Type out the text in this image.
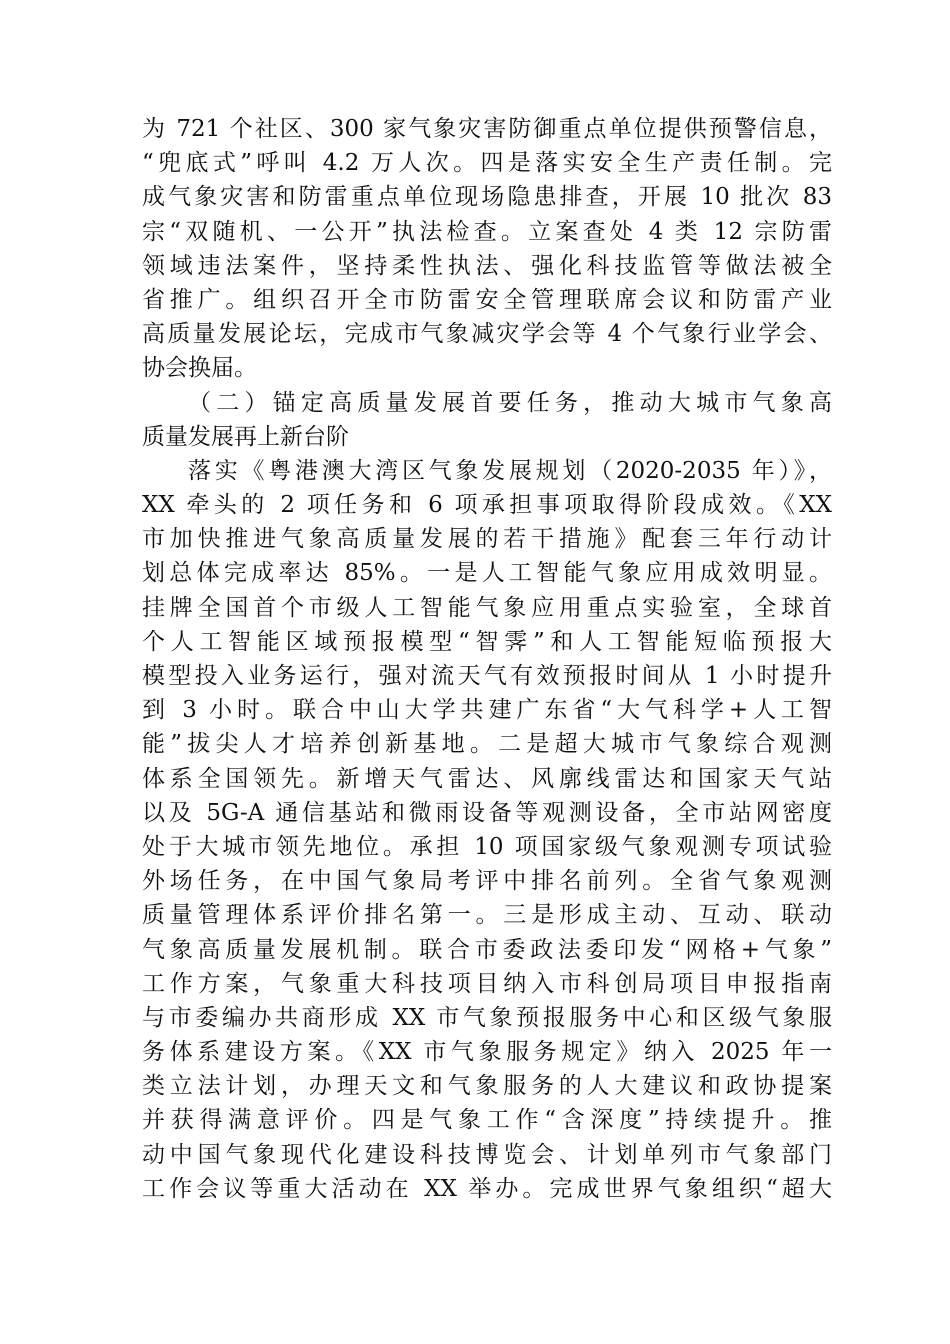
为 721 个社区、300 家气象灾害防御重点单位提供预警信息，
“兜底式”呼叫 4.2 万人次。四是落实安全生产责任制。完
成气象灾害和防雷重点单位现场隐患排查，开展 10 批次 83
宗“双随机、一公开”执法检查。立案查处 4 类 12 宗防雷
领域违法案件，坚持柔性执法、强化科技监管等做法被全
省推广。组织召开全市防雷安全管理联席会议和防雷产业
高质量发展论坛，完成市气象减灾学会等 4 个气象行业学会、
协会换届。
（二）锚定高质量发展首要任务，推动大城市气象高
质量发展再上新台阶
落实《粤港澳大湾区气象发展规划（2020-2035 年）》，
XX 牵头的 2 项任务和 6 项承担事项取得阶段成效。《XX
市加快推进气象高质量发展的若干措施》配套三年行动计
划总体完成率达 85%。一是人工智能气象应用成效明显。
挂牌全国首个市级人工智能气象应用重点实验室，全球首
个人工智能区域预报模型“智霁”和人工智能短临预报大
模型投入业务运行，强对流天气有效预报时间从 1 小时提升
到 3 小时。联合中山大学共建广东省“大气科学+人工智
能”拔尖人才培养创新基地。二是超大城市气象综合观测
体系全国领先。新增天气雷达、风廓线雷达和国家天气站
以及 5G-A 通信基站和微雨设备等观测设备，全市站网密度
处于大城市领先地位。承担 10 项国家级气象观测专项试验
外场任务，在中国气象局考评中排名前列。全省气象观测
质量管理体系评价排名第一。三是形成主动、互动、联动
气象高质量发展机制。联合市委政法委印发“网格+气象”
工作方案，气象重大科技项目纳入市科创局项目申报指南
与市委编办共商形成 XX 市气象预报服务中心和区级气象服
务体系建设方案。《XX 市气象服务规定》纳入 2025 年一
类立法计划，办理天文和气象服务的人大建议和政协提案
并获得满意评价。四是气象工作“含深度”持续提升。推
动中国气象现代化建设科技博览会、计划单列市气象部门
工作会议等重大活动在 XX 举办。完成世界气象组织“超大
